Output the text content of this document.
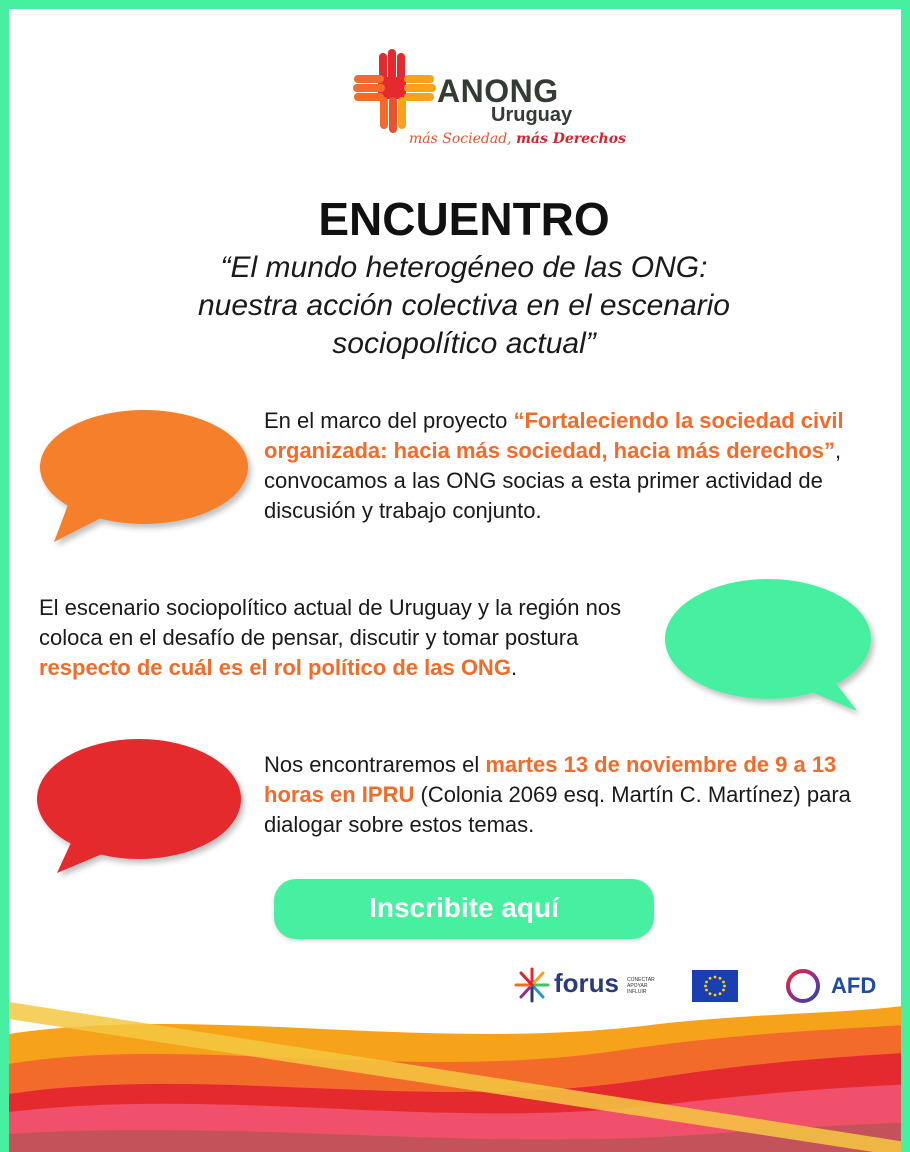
ANONG
Uruguay
más Sociedad, más Derechos
ENCUENTRO
“El mundo heterogéneo de las ONG:
nuestra acción colectiva en el escenario
sociopolítico actual”
En el marco del proyecto “Fortaleciendo la sociedad civil organizada: hacia más sociedad, hacia más derechos”, convocamos a las ONG socias a esta primer actividad de discusión y trabajo conjunto.
El escenario sociopolítico actual de Uruguay y la región nos coloca en el desafío de pensar, discutir y tomar postura respecto de cuál es el rol político de las ONG.
Nos encontraremos el martes 13 de noviembre de 9 a 13 horas en IPRU (Colonia 2069 esq. Martín C. Martínez) para dialogar sobre estos temas.
Inscribite aquí
forus CONECTAR APOYAR INFLUIR	AFD
